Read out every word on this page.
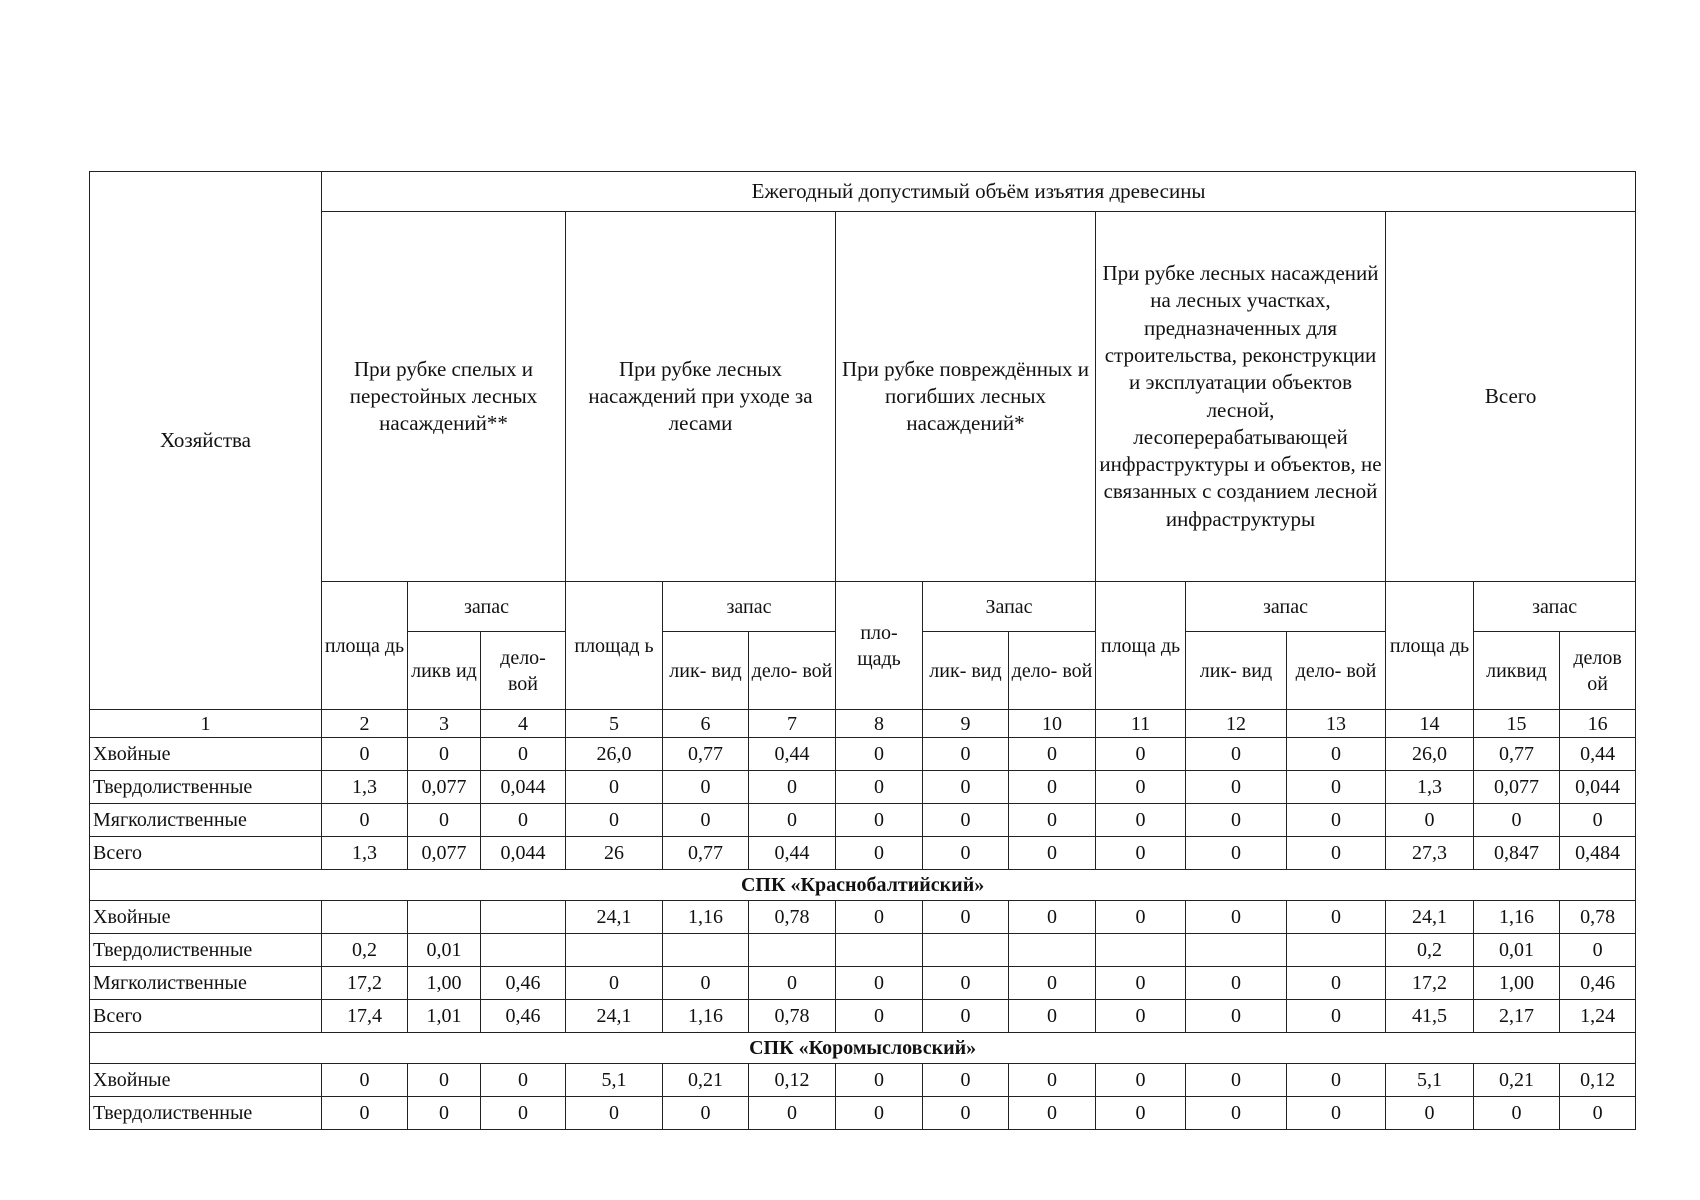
Хозяйства	Ежегодный допустимый объём изъятия древесины														
	При рубке спелых и перестойных лесных насаждений**			При рубке лесных насаждений при уходе за лесами			При рубке повреждённых и погибших лесных насаждений*			При рубке лесных насаждений на лесных участках, предназначенных для строительства, реконструкции и эксплуатации объектов лесной, лесоперерабатывающей инфраструктуры и объектов, не связанных с созданием лесной инфраструктуры			Всего		
	площа дь	запас		площад ь	запас		пло- щадь	Запас		площа дь	запас		площа дь	запас	
		ликв ид	дело- вой		лик- вид	дело- вой		лик- вид	дело- вой		лик- вид	дело- вой		ликвид	делов ой
1	2	3	4	5	6	7	8	9	10	11	12	13	14	15	16
Хвойные	0	0	0	26,0	0,77	0,44	0	0	0	0	0	0	26,0	0,77	0,44
Твердолиственные	1,3	0,077	0,044	0	0	0	0	0	0	0	0	0	1,3	0,077	0,044
Мягколиственные	0	0	0	0	0	0	0	0	0	0	0	0	0	0	0
Всего	1,3	0,077	0,044	26	0,77	0,44	0	0	0	0	0	0	27,3	0,847	0,484
СПК «Краснобалтийский»															
Хвойные				24,1	1,16	0,78	0	0	0	0	0	0	24,1	1,16	0,78
Твердолиственные	0,2	0,01											0,2	0,01	0
Мягколиственные	17,2	1,00	0,46	0	0	0	0	0	0	0	0	0	17,2	1,00	0,46
Всего	17,4	1,01	0,46	24,1	1,16	0,78	0	0	0	0	0	0	41,5	2,17	1,24
СПК «Коромысловский»															
Хвойные	0	0	0	5,1	0,21	0,12	0	0	0	0	0	0	5,1	0,21	0,12
Твердолиственные	0	0	0	0	0	0	0	0	0	0	0	0	0	0	0
